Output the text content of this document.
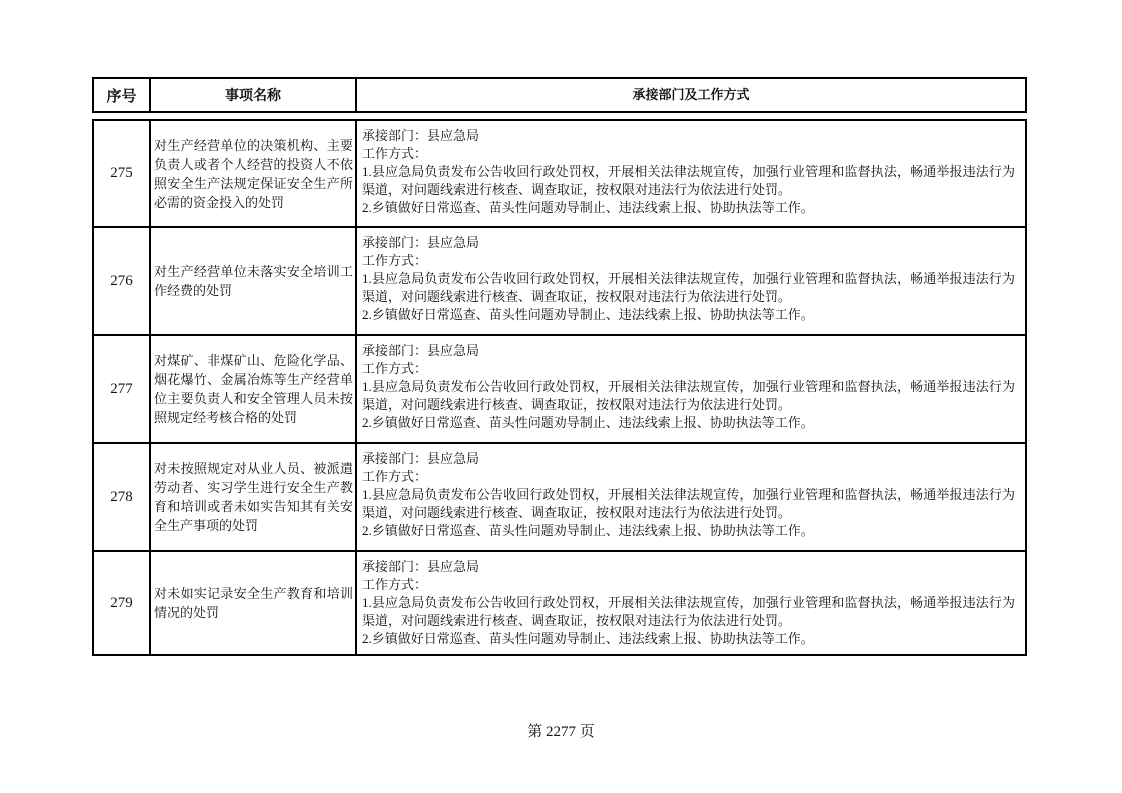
序号	事项名称	承接部门及工作方式
275
对生产经营单位的决策机构、主要负责人或者个人经营的投资人不依照安全生产法规定保证安全生产所必需的资金投入的处罚
承接部门：县应急局
工作方式：
1.县应急局负责发布公告收回行政处罚权，开展相关法律法规宣传，加强行业管理和监督执法，畅通举报违法行为渠道，对问题线索进行核查、调查取证，按权限对违法行为依法进行处罚。
2.乡镇做好日常巡查、苗头性问题劝导制止、违法线索上报、协助执法等工作。
276
对生产经营单位未落实安全培训工作经费的处罚
承接部门：县应急局
工作方式：
1.县应急局负责发布公告收回行政处罚权，开展相关法律法规宣传，加强行业管理和监督执法，畅通举报违法行为渠道，对问题线索进行核查、调查取证，按权限对违法行为依法进行处罚。
2.乡镇做好日常巡查、苗头性问题劝导制止、违法线索上报、协助执法等工作。
277
对煤矿、非煤矿山、危险化学品、烟花爆竹、金属冶炼等生产经营单位主要负责人和安全管理人员未按照规定经考核合格的处罚
承接部门：县应急局
工作方式：
1.县应急局负责发布公告收回行政处罚权，开展相关法律法规宣传，加强行业管理和监督执法，畅通举报违法行为渠道，对问题线索进行核查、调查取证，按权限对违法行为依法进行处罚。
2.乡镇做好日常巡查、苗头性问题劝导制止、违法线索上报、协助执法等工作。
278
对未按照规定对从业人员、被派遣劳动者、实习学生进行安全生产教育和培训或者未如实告知其有关安全生产事项的处罚
承接部门：县应急局
工作方式：
1.县应急局负责发布公告收回行政处罚权，开展相关法律法规宣传，加强行业管理和监督执法，畅通举报违法行为渠道，对问题线索进行核查、调查取证，按权限对违法行为依法进行处罚。
2.乡镇做好日常巡查、苗头性问题劝导制止、违法线索上报、协助执法等工作。
279
对未如实记录安全生产教育和培训情况的处罚
承接部门：县应急局
工作方式：
1.县应急局负责发布公告收回行政处罚权，开展相关法律法规宣传，加强行业管理和监督执法，畅通举报违法行为渠道，对问题线索进行核查、调查取证，按权限对违法行为依法进行处罚。
2.乡镇做好日常巡查、苗头性问题劝导制止、违法线索上报、协助执法等工作。
第 2277 页
